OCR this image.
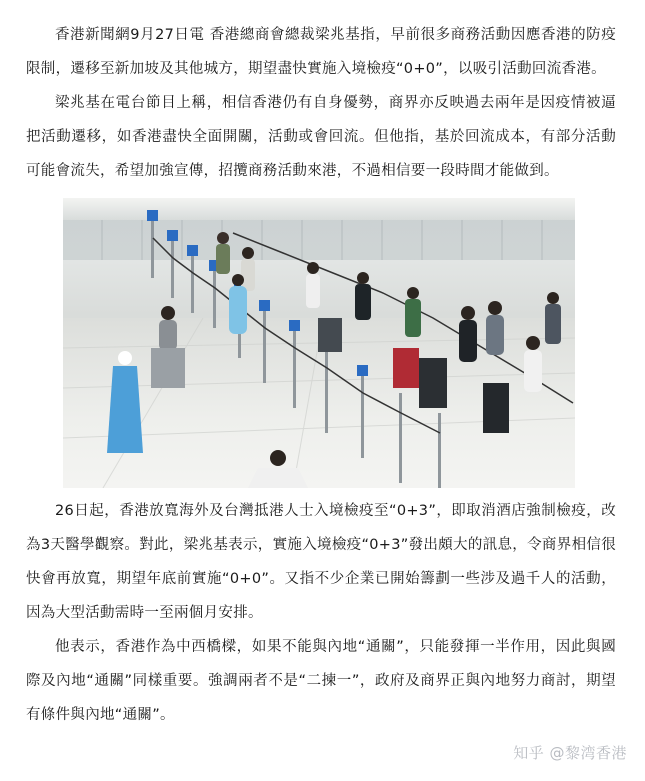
香港新聞網9月27日電 香港總商會總裁梁兆基指，早前很多商務活動因應香港的防疫限制，遷移至新加坡及其他城方，期望盡快實施入境檢疫“0+0”，以吸引活動回流香港。

梁兆基在電台節目上稱，相信香港仍有自身優勢，商界亦反映過去兩年是因疫情被逼把活動遷移，如香港盡快全面開關，活動或會回流。但他指，基於回流成本，有部分活動可能會流失，希望加強宣傳，招攬商務活動來港，不過相信要一段時間才能做到。

26日起，香港放寬海外及台灣抵港人士入境檢疫至“0+3”，即取消酒店強制檢疫，改為3天醫學觀察。對此，梁兆基表示，實施入境檢疫“0+3”發出頗大的訊息，令商界相信很快會再放寬，期望年底前實施“0+0”。又指不少企業已開始籌劃一些涉及過千人的活動，因為大型活動需時一至兩個月安排。

他表示，香港作為中西橋樑，如果不能與內地“通關”，只能發揮一半作用，因此與國際及內地“通關”同樣重要。強調兩者不是“二揀一”，政府及商界正與內地努力商討，期望有條件與內地“通關”。

知乎 @黎湾香港
